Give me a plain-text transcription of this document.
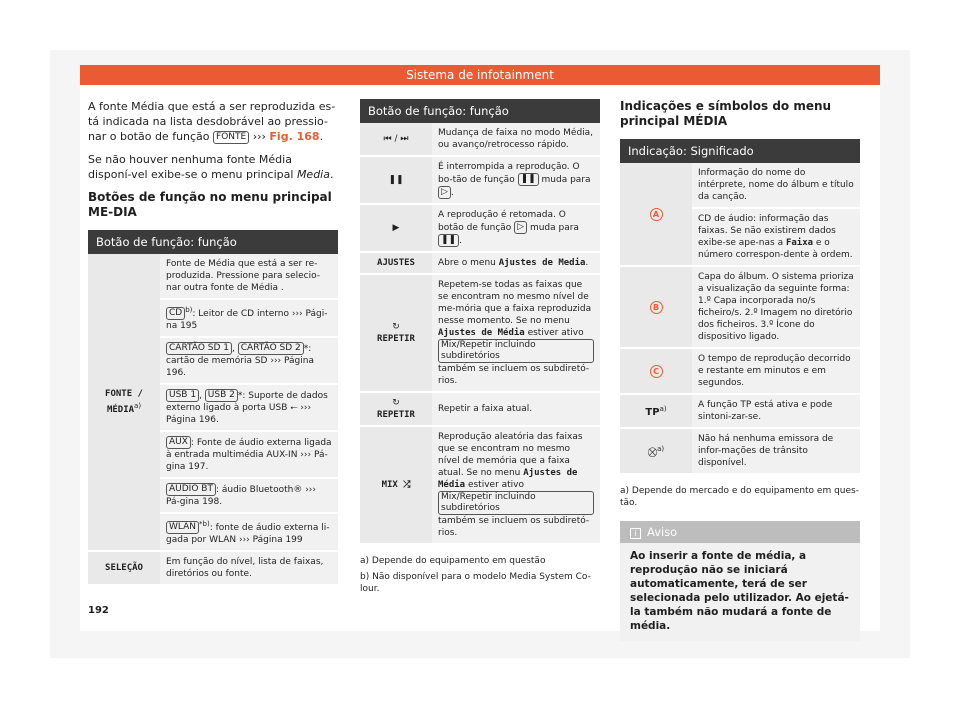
Sistema de infotainment

A fonte Média que está a ser reproduzida es-tá indicada na lista desdobrável ao pressio-nar o botão de função FONTE ››› Fig. 168.

Se não houver nenhuma fonte Média disponí-vel exibe-se o menu principal Media.

Botões de função no menu principal ME-DIA
Botão de função: função	
FONTE / MÉDIA$^{a)}$	Fonte de Média que está a ser re-produzida. Pressione para selecio-nar outra fonte de Média .
	CD $^{b)}$: Leitor de CD interno ››› Pági-na 195
	CARTÃO SD 1 , CARTÃO SD 2 *: cartão de memória SD ››› Página 196.
	USB 1 , USB 2 *: Suporte de dados externo ligado à porta USB ⭠ ››› Página 196.
	AUX : Fonte de áudio externa ligada à entrada multimédia AUX-IN ››› Pá-gina 197.
	AUDIO BT : áudio Bluetooth® ››› Pá-gina 198.
	WLAN $^{*b)}$: fonte de áudio externa li-gada por WLAN ››› Página 199
SELEÇÃO	Em função do nível, lista de faixas, diretórios ou fonte.
Botão de função: função	
⏮ / ⏭	Mudança de faixa no modo Média, ou avanço/retrocesso rápido.
❚❚	É interrompida a reprodução. O bo-tão de função ❚❚ muda para ▷ .
▶	A reprodução é retomada. O botão de função ▷ muda para ❚❚ .
AJUSTES	Abre o menu Ajustes de Media.

↻
REPETIR	Repetem-se todas as faixas que se encontram no mesmo nível de me-mória que a faixa reproduzida nesse momento. Se no menu Ajustes de Média estiver ativo Mix/Repetir incluindo subdiretórios também se incluem os subdiretó-rios.

↻
REPETIR	Repetir a faixa atual.
MIX ⤮	Reprodução aleatória das faixas que se encontram no mesmo nível de memória que a faixa atual. Se no menu Ajustes de Média estiver ativo Mix/Repetir incluindo subdiretórios também se incluem os subdiretó-rios.

a) Depende do equipamento em questão

b) Não disponível para o modelo Media System Co-lour.

Indicações e símbolos do menu principal MÉDIA
Indicação: Significado	
A	Informação do nome do intérprete, nome do álbum e título da canção.
	CD de áudio: informação das faixas. Se não existirem dados exibe-se ape-nas a Faixa e o número correspon-dente à ordem.
B	Capa do álbum. O sistema prioriza a visualização da seguinte forma: 1.º Capa incorporada no/s ficheiro/s. 2.º Imagem no diretório dos ficheiros. 3.º Ícone do dispositivo ligado.
C	O tempo de reprodução decorrido e restante em minutos e em segundos.
TP$^{a)}$	A função TP está ativa e pode sintoni-zar-se.
⛒$^{a)}$	Não há nenhuma emissora de infor-mações de trânsito disponível.

a) Depende do mercado e do equipamento em ques-tão.

i Aviso
Ao inserir a fonte de média, a reprodução não se iniciará automaticamente, terá de ser selecionada pelo utilizador. Ao ejetá-la também não mudará a fonte de média.
192
